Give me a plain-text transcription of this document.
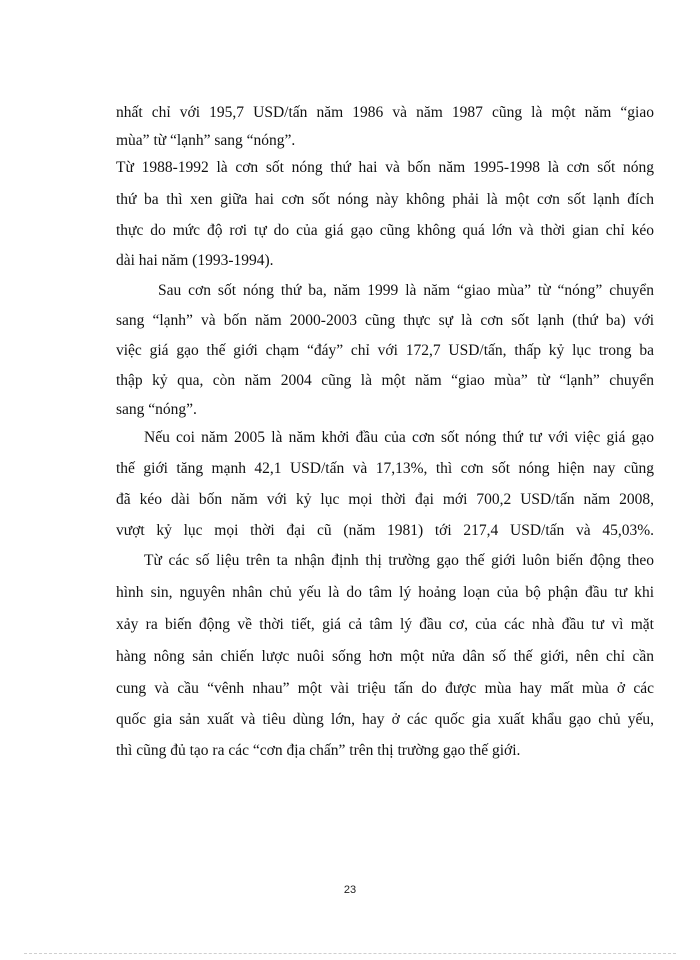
nhất chỉ với 195,7 USD/tấn năm 1986 và năm 1987 cũng là một năm “giao
mùa” từ “lạnh” sang “nóng”.
Từ 1988-1992 là cơn sốt nóng thứ hai và bốn năm 1995-1998 là cơn sốt nóng
thứ ba thì xen giữa hai cơn sốt nóng này không phải là một cơn sốt lạnh đích
thực do mức độ rơi tự do của giá gạo cũng không quá lớn và thời gian chỉ kéo
dài hai năm (1993-1994).
Sau cơn sốt nóng thứ ba, năm 1999 là năm “giao mùa” từ “nóng” chuyển
sang “lạnh” và bốn năm 2000-2003 cũng thực sự là cơn sốt lạnh (thứ ba) với
việc giá gạo thế giới chạm “đáy” chỉ với 172,7 USD/tấn, thấp kỷ lục trong ba
thập kỷ qua, còn năm 2004 cũng là một năm “giao mùa” từ “lạnh” chuyển
sang “nóng”.
Nếu coi năm 2005 là năm khởi đầu của cơn sốt nóng thứ tư với việc giá gạo
thế giới tăng mạnh 42,1 USD/tấn và 17,13%, thì cơn sốt nóng hiện nay cũng
đã kéo dài bốn năm với kỷ lục mọi thời đại mới 700,2 USD/tấn năm 2008,
vượt kỷ lục mọi thời đại cũ (năm 1981) tới 217,4 USD/tấn và 45,03%.
Từ các số liệu trên ta nhận định thị trường gạo thế giới luôn biến động theo
hình sin, nguyên nhân chủ yếu là do tâm lý hoảng loạn của bộ phận đầu tư khi
xảy ra biến động về thời tiết, giá cả tâm lý đầu cơ, của các nhà đầu tư vì mặt
hàng nông sản chiến lược nuôi sống hơn một nửa dân số thế giới, nên chỉ cần
cung và cầu “vênh nhau” một vài triệu tấn do được mùa hay mất mùa ở các
quốc gia sản xuất và tiêu dùng lớn, hay ở các quốc gia xuất khẩu gạo chủ yếu,
thì cũng đủ tạo ra các “cơn địa chấn” trên thị trường gạo thế giới.
23
